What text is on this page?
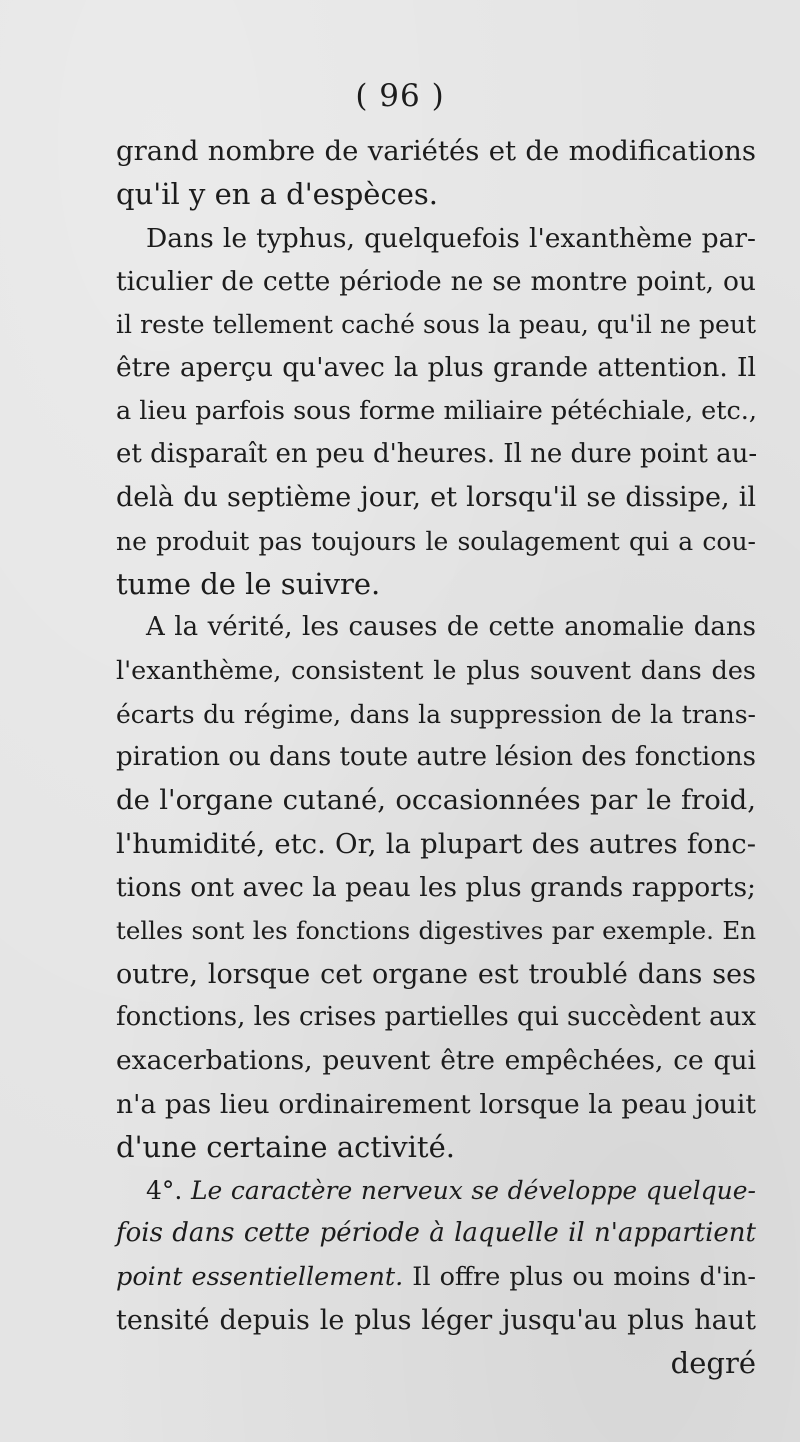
( 96 )
grand nombre de variétés et de modifications
qu'il y en a d'espèces.
Dans le typhus, quelquefois l'exanthème par-
ticulier de cette période ne se montre point, ou
il reste tellement caché sous la peau, qu'il ne peut
être aperçu qu'avec la plus grande attention. Il
a lieu parfois sous forme miliaire pétéchiale, etc.,
et disparaît en peu d'heures. Il ne dure point au-
delà du septième jour, et lorsqu'il se dissipe, il
ne produit pas toujours le soulagement qui a cou-
tume de le suivre.
A la vérité, les causes de cette anomalie dans
l'exanthème, consistent le plus souvent dans des
écarts du régime, dans la suppression de la trans-
piration ou dans toute autre lésion des fonctions
de l'organe cutané, occasionnées par le froid,
l'humidité, etc. Or, la plupart des autres fonc-
tions ont avec la peau les plus grands rapports;
telles sont les fonctions digestives par exemple. En
outre, lorsque cet organe est troublé dans ses
fonctions, les crises partielles qui succèdent aux
exacerbations, peuvent être empêchées, ce qui
n'a pas lieu ordinairement lorsque la peau jouit
d'une certaine activité.
4°. Le caractère nerveux se développe quelque-
fois dans cette période à laquelle il n'appartient
point essentiellement. Il offre plus ou moins d'in-
tensité depuis le plus léger jusqu'au plus haut
degré
